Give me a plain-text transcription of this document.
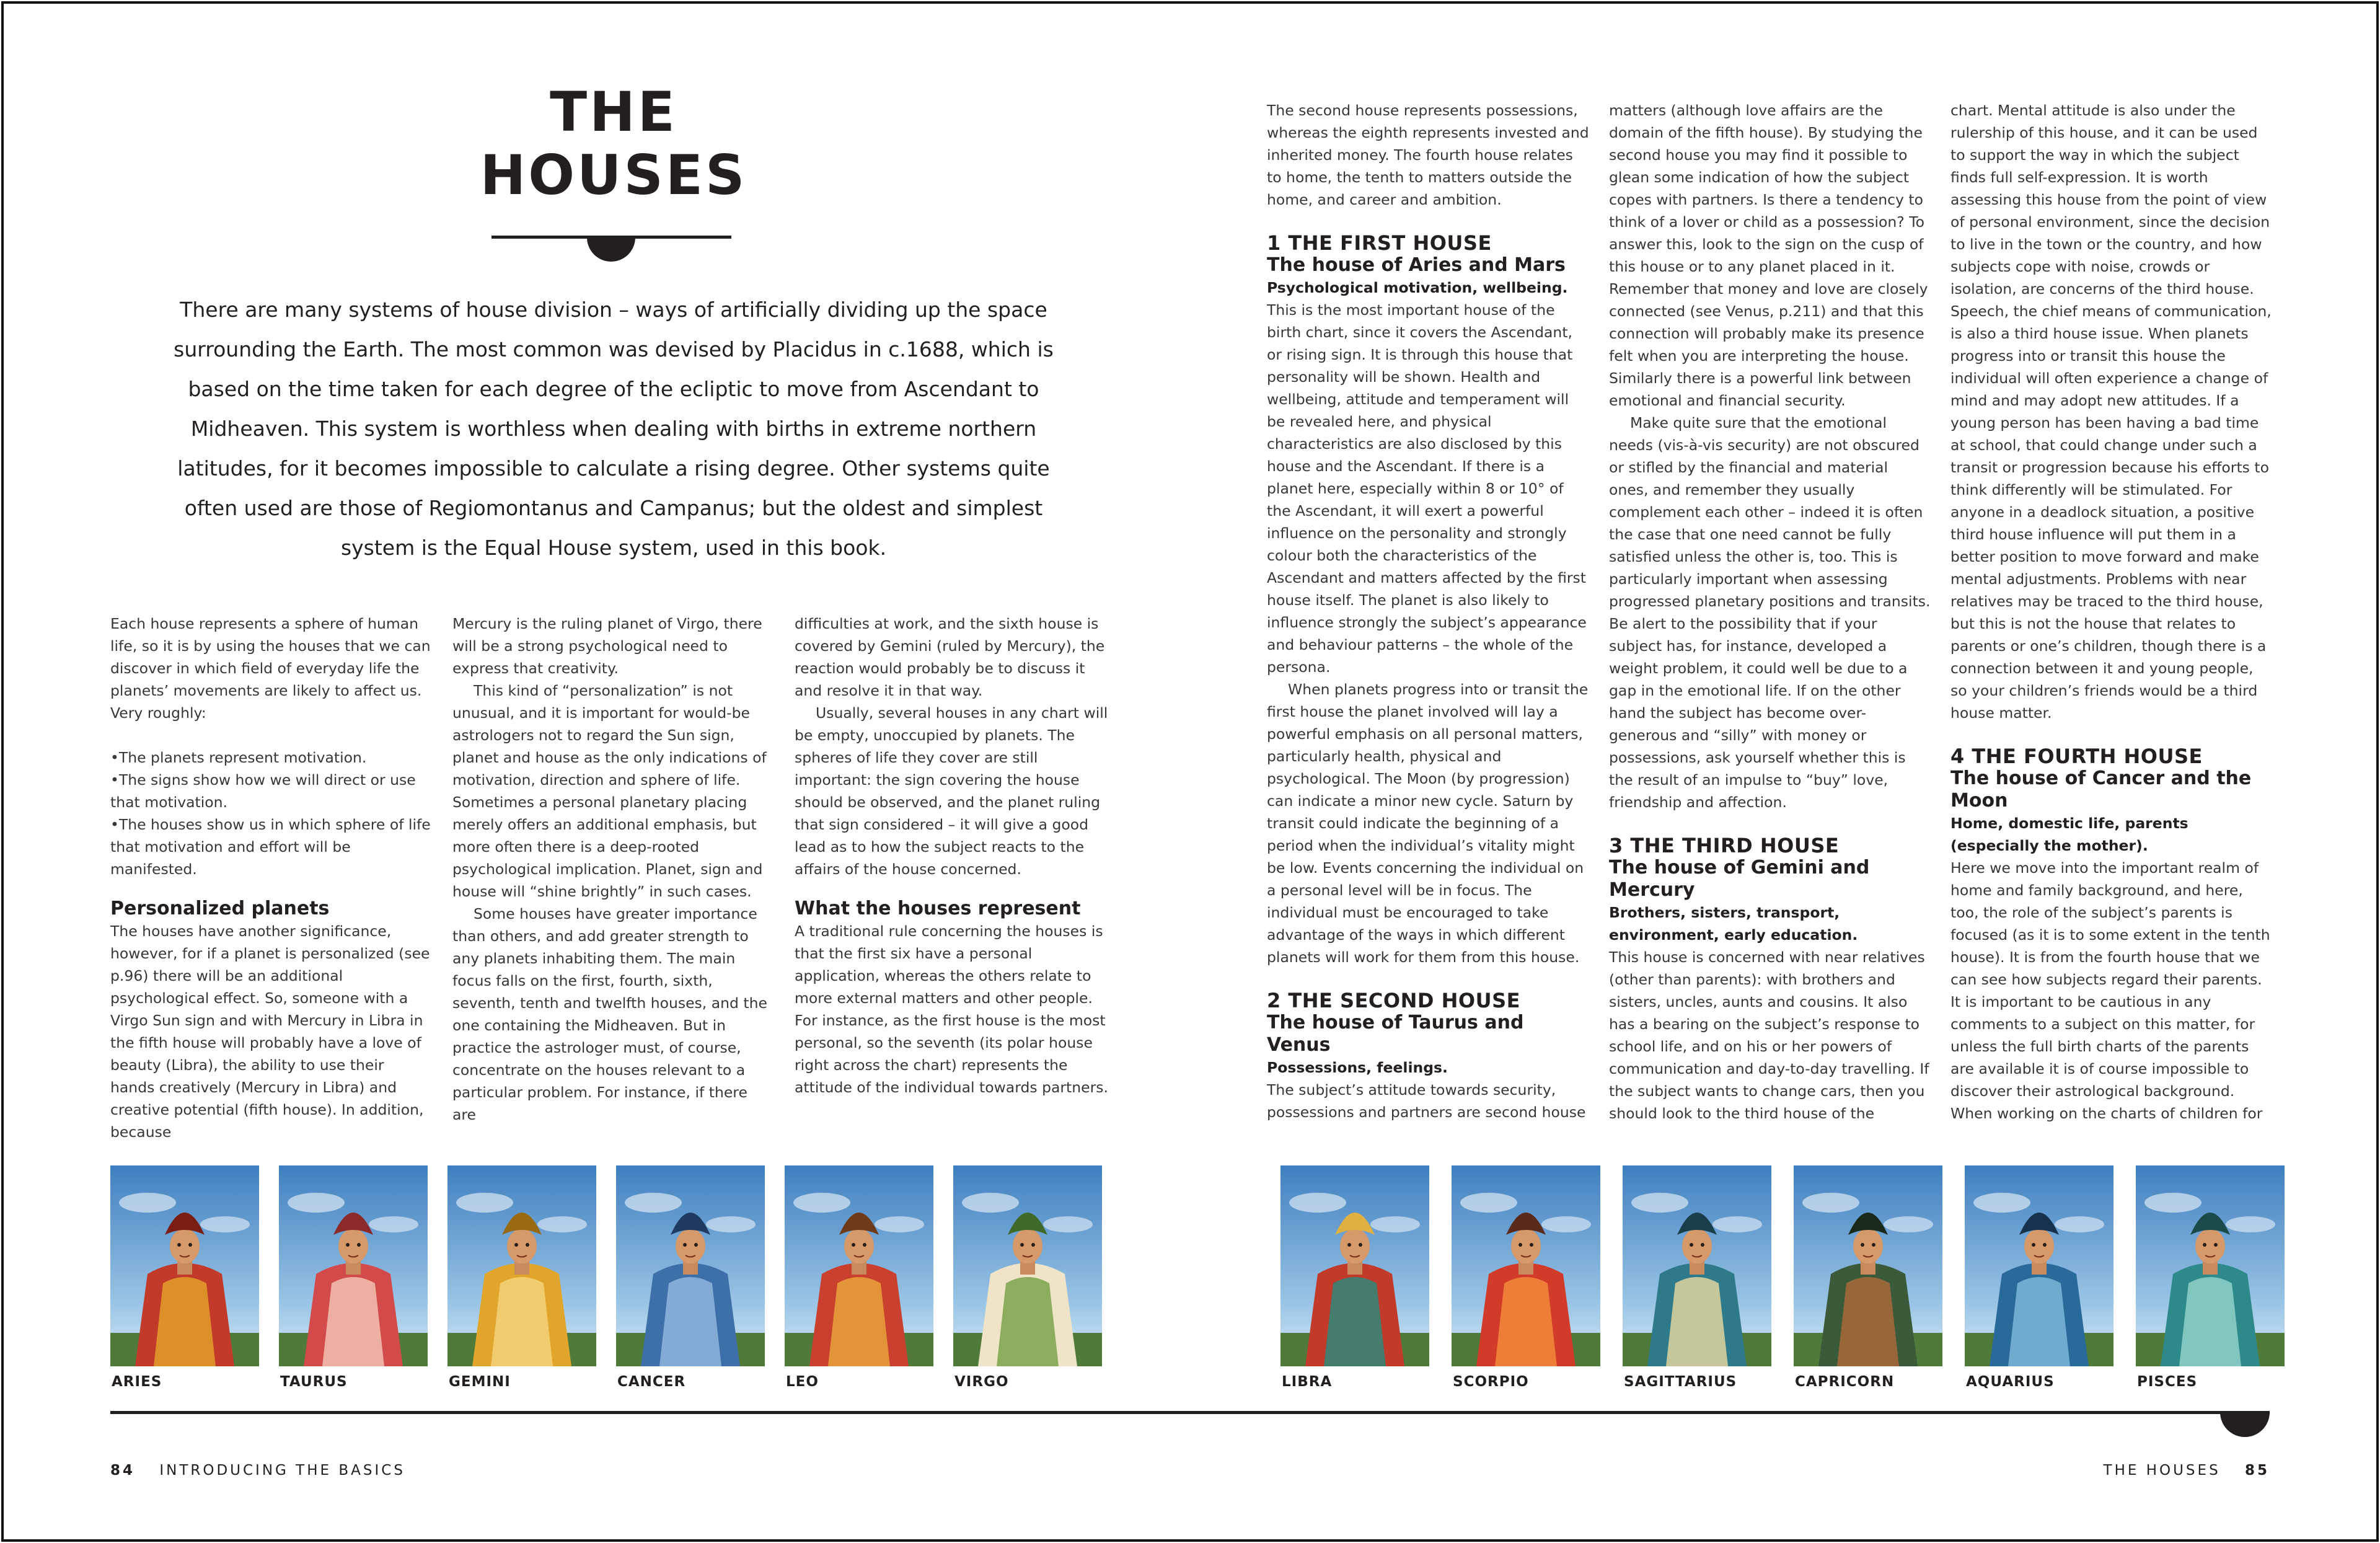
THE
HOUSES
There are many systems of house division – ways of artificially dividing up the space surrounding the Earth. The most common was devised by Placidus in c.1688, which is based on the time taken for each degree of the ecliptic to move from Ascendant to Midheaven. This system is worthless when dealing with births in extreme northern latitudes, for it becomes impossible to calculate a rising degree. Other systems quite often used are those of Regiomontanus and Campanus; but the oldest and simplest system is the Equal House system, used in this book.

Each house represents a sphere of human life, so it is by using the houses that we can discover in which field of everyday life the planets’ movements are likely to affect us. Very roughly:

•The planets represent motivation.

•The signs show how we will direct or use that motivation.

•The houses show us in which sphere of life that motivation and effort will be manifested.

Personalized planets

The houses have another significance, however, for if a planet is personalized (see p.96) there will be an additional psychological effect. So, someone with a Virgo Sun sign and with Mercury in Libra in the fifth house will probably have a love of beauty (Libra), the ability to use their hands creatively (Mercury in Libra) and creative potential (fifth house). In addition, because

Mercury is the ruling planet of Virgo, there will be a strong psychological need to express that creativity.

This kind of “personalization” is not unusual, and it is important for would-be astrologers not to regard the Sun sign, planet and house as the only indications of motivation, direction and sphere of life. Sometimes a personal planetary placing merely offers an additional emphasis, but more often there is a deep-rooted psychological implication. Planet, sign and house will “shine brightly” in such cases.

Some houses have greater importance than others, and add greater strength to any planets inhabiting them. The main focus falls on the first, fourth, sixth, seventh, tenth and twelfth houses, and the one containing the Midheaven. But in practice the astrologer must, of course, concentrate on the houses relevant to a particular problem. For instance, if there are

difficulties at work, and the sixth house is covered by Gemini (ruled by Mercury), the reaction would probably be to discuss it and resolve it in that way.

Usually, several houses in any chart will be empty, unoccupied by planets. The spheres of life they cover are still important: the sign covering the house should be observed, and the planet ruling that sign considered – it will give a good lead as to how the subject reacts to the affairs of the house concerned.

What the houses represent

A traditional rule concerning the houses is that the first six have a personal application, whereas the others relate to more external matters and other people. For instance, as the first house is the most personal, so the seventh (its polar house right across the chart) represents the attitude of the individual towards partners.

The second house represents possessions, whereas the eighth represents invested and inherited money. The fourth house relates to home, the tenth to matters outside the home, and career and ambition.

1 THE FIRST HOUSE
The house of Aries and Mars
Psychological motivation, wellbeing.

This is the most important house of the birth chart, since it covers the Ascendant, or rising sign. It is through this house that personality will be shown. Health and wellbeing, attitude and temperament will be revealed here, and physical characteristics are also disclosed by this house and the Ascendant. If there is a planet here, especially within 8 or 10° of the Ascendant, it will exert a powerful influence on the personality and strongly colour both the characteristics of the Ascendant and matters affected by the first house itself. The planet is also likely to influence strongly the subject’s appearance and behaviour patterns – the whole of the persona.

When planets progress into or transit the first house the planet involved will lay a powerful emphasis on all personal matters, particularly health, physical and psychological. The Moon (by progression) can indicate a minor new cycle. Saturn by transit could indicate the beginning of a period when the individual’s vitality might be low. Events concerning the individual on a personal level will be in focus. The individual must be encouraged to take advantage of the ways in which different planets will work for them from this house.

2 THE SECOND HOUSE
The house of Taurus and Venus
Possessions, feelings.

The subject’s attitude towards security, possessions and partners are second house

matters (although love affairs are the domain of the fifth house). By studying the second house you may find it possible to glean some indication of how the subject copes with partners. Is there a tendency to think of a lover or child as a possession? To answer this, look to the sign on the cusp of this house or to any planet placed in it. Remember that money and love are closely connected (see Venus, p.211) and that this connection will probably make its presence felt when you are interpreting the house. Similarly there is a powerful link between emotional and financial security.

Make quite sure that the emotional needs (vis-à-vis security) are not obscured or stifled by the financial and material ones, and remember they usually complement each other – indeed it is often the case that one need cannot be fully satisfied unless the other is, too. This is particularly important when assessing progressed planetary positions and transits. Be alert to the possibility that if your subject has, for instance, developed a weight problem, it could well be due to a gap in the emotional life. If on the other hand the subject has become over-generous and “silly” with money or possessions, ask yourself whether this is the result of an impulse to “buy” love, friendship and affection.

3 THE THIRD HOUSE
The house of Gemini and Mercury
Brothers, sisters, transport, environment, early education.

This house is concerned with near relatives (other than parents): with brothers and sisters, uncles, aunts and cousins. It also has a bearing on the subject’s response to school life, and on his or her powers of communication and day-to-day travelling. If the subject wants to change cars, then you should look to the third house of the

chart. Mental attitude is also under the rulership of this house, and it can be used to support the way in which the subject finds full self-expression. It is worth assessing this house from the point of view of personal environment, since the decision to live in the town or the country, and how subjects cope with noise, crowds or isolation, are concerns of the third house. Speech, the chief means of communication, is also a third house issue. When planets progress into or transit this house the individual will often experience a change of mind and may adopt new attitudes. If a young person has been having a bad time at school, that could change under such a transit or progression because his efforts to think differently will be stimulated. For anyone in a deadlock situation, a positive third house influence will put them in a better position to move forward and make mental adjustments. Problems with near relatives may be traced to the third house, but this is not the house that relates to parents or one’s children, though there is a connection between it and young people, so your children’s friends would be a third house matter.

4 THE FOURTH HOUSE
The house of Cancer and the Moon
Home, domestic life, parents (especially the mother).

Here we move into the important realm of home and family background, and here, too, the role of the subject’s parents is focused (as it is to some extent in the tenth house). It is from the fourth house that we can see how subjects regard their parents. It is important to be cautious in any comments to a subject on this matter, for unless the full birth charts of the parents are available it is of course impossible to discover their astrological background. When working on the charts of children for

ARIES	TAURUS	GEMINI	CANCER	LEO	VIRGO	LIBRA	SCORPIO	SAGITTARIUS	CAPRICORN	AQUARIUS	PISCES
84 INTRODUCING THE BASICS	THE HOUSES 85
